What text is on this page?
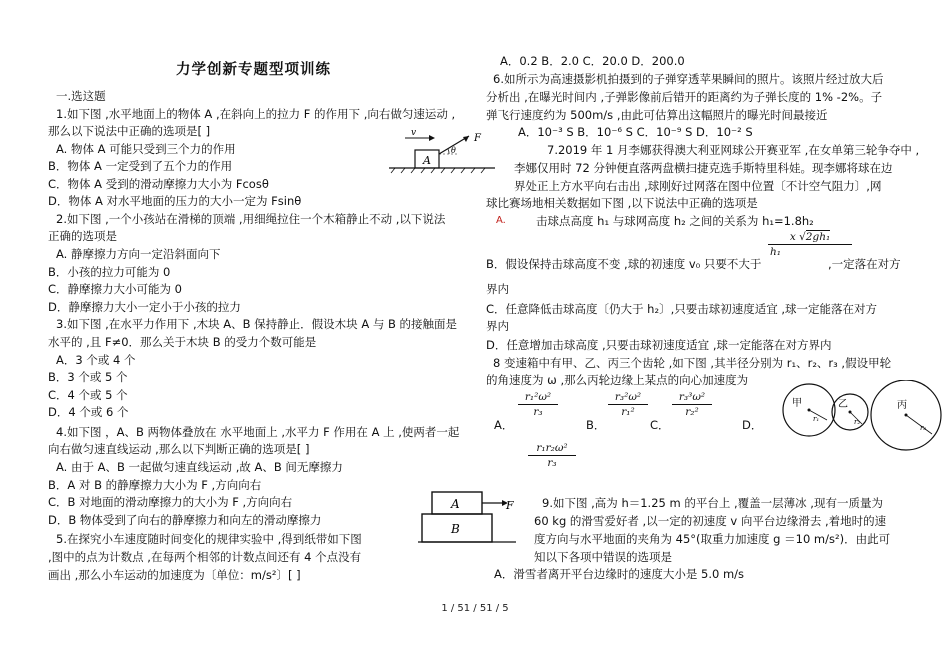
力学创新专题型项训练
一.选这题
1.如下图 ,水平地面上的物体 A ,在斜向上的拉力 F 的作用下 ,向右做匀速运动 ,
那么以下说法中正确的选项是[ ]
A. 物体 A 可能只受到三个力的作用
B．物体 A 一定受到了五个力的作用
C．物体 A 受到的滑动摩擦力大小为 Fcosθ
D．物体 A 对水平地面的压力的大小一定为 Fsinθ
A
v	F
θ
2.如下图 ,一个小孩站在滑梯的顶端 ,用细绳拉住一个木箱静止不动 ,以下说法
正确的选项是
A. 静摩擦力方向一定沿斜面向下
B．小孩的拉力可能为 0
C．静摩擦力大小可能为 0
D．静摩擦力大小一定小于小孩的拉力
3.如下图 ,在水平力作用下 ,木块 A、B 保持静止．假设木块 A 与 B 的接触面是
水平的 ,且 F≠0．那么关于木块 B 的受力个数可能是
A．3 个或 4 个
B．3 个或 5 个
C．4 个或 5 个
D．4 个或 6 个
4.如下图 ，A、B 两物体叠放在 水平地面上 ,水平力 F 作用在 A 上 ,使两者一起
向右做匀速直线运动 ,那么以下判断正确的选项是[ ]
A. 由于 A、B 一起做匀速直线运动 ,故 A、B 间无摩擦力
B．A 对 B 的静摩擦力大小为 F ,方向向右
C．B 对地面的滑动摩擦力的大小为 F ,方向向右
D．B 物体受到了向右的静摩擦力和向左的滑动摩擦力
A
B
F
5.在探究小车速度随时间变化的规律实验中 ,得到纸带如下图
,图中的点为计数点 ,在每两个相邻的计数点间还有 4 个点没有
画出 ,那么小车运动的加速度为〔单位：m/s²〕[ ]
A．0.2 B．2.0 C．20.0 D．200.0
6.如所示为高速摄影机拍摄到的子弹穿透苹果瞬间的照片。该照片经过放大后
分析出 ,在曝光时间内 ,子弹影像前后错开的距离约为子弹长度的 1% -2%。子
弹飞行速度约为 500m/s ,由此可估算出这幅照片的曝光时间最接近
A．10⁻³ S B．10⁻⁶ S C．10⁻⁹ S D．10⁻² S
7.2019 年 1 月李娜获得澳大利亚网球公开赛亚军 ,在女单第三轮争夺中 ,
李娜仅用时 72 分钟便直落两盘横扫捷克选手斯特里科娃。现李娜将球在边
界处正上方水平向右击出 ,球刚好过网落在图中位置〔不计空气阻力〕,网
球比赛场地相关数据如下图 ,以下说法中正确的选项是
A.	击球点高度 h₁ 与球网高度 h₂ 之间的关系为 h₁=1.8h₂
x √2gh₁
h₁
B．假设保持击球高度不变 ,球的初速度 v₀ 只要不大于	,一定落在对方
界内
C．任意降低击球高度〔仍大于 h₂〕,只要击球初速度适宜 ,球一定能落在对方
界内
D．任意增加击球高度 ,只要击球初速度适宜 ,球一定能落在对方界内
8 变速箱中有甲、乙、丙三个齿轮 ,如下图 ,其半径分别为 r₁、r₂、r₃ ,假设甲轮
的角速度为 ω ,那么丙轮边缘上某点的向心加速度为
A．
r₁²ω²
r₃
B．
r₃²ω²
r₁²
C．
r₃³ω²
r₂²
D．
r₁r₂ω²
r₃
甲
r₁
乙
r₂
丙
r₃
9.如下图 ,高为 h＝1.25 m 的平台上 ,覆盖一层薄冰 ,现有一质量为
60 kg 的滑雪爱好者 ,以一定的初速度 v 向平台边缘滑去 ,着地时的速
度方向与水平地面的夹角为 45°(取重力加速度 g ＝10 m/s²)．由此可
知以下各项中错误的选项是
A．滑雪者离开平台边缘时的速度大小是 5.0 m/s
1 / 51 / 51 / 5
